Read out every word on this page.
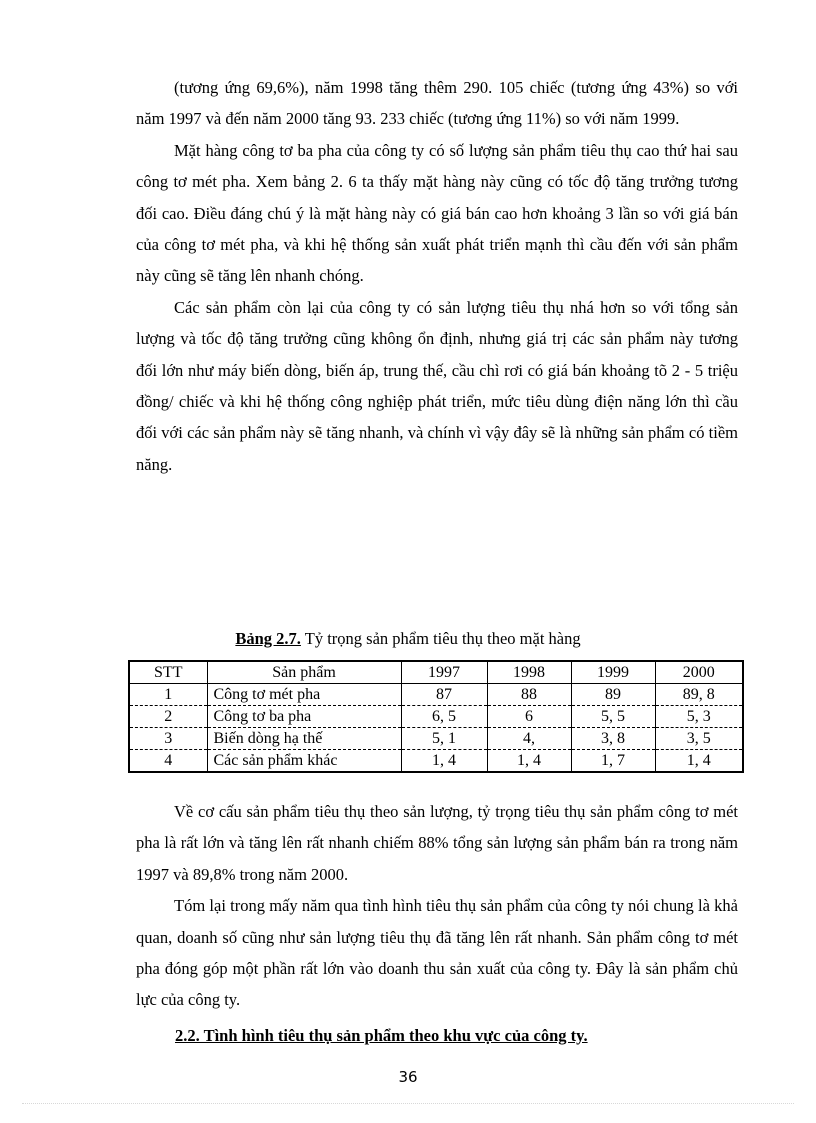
(tương ứng 69,6%), năm 1998 tăng thêm 290. 105 chiếc (tương ứng 43%) so với năm 1997 và đến năm 2000 tăng 93. 233 chiếc (tương ứng 11%) so với năm 1999.

Mặt hàng công tơ ba pha của công ty có số lượng sản phẩm tiêu thụ cao thứ hai sau công tơ mét pha. Xem bảng 2. 6 ta thấy mặt hàng này cũng có tốc độ tăng trưởng tương đối cao. Điều đáng chú ý là mặt hàng này có giá bán cao hơn khoảng 3 lần so với giá bán của công tơ mét pha, và khi hệ thống sản xuất phát triển mạnh thì cầu đến với sản phẩm này cũng sẽ tăng lên nhanh chóng.

Các sản phẩm còn lại của công ty có sản lượng tiêu thụ nhá hơn so với tổng sản lượng và tốc độ tăng trưởng cũng không ổn định, nhưng giá trị các sản phẩm này tương đối lớn như máy biến dòng, biến áp, trung thế, cầu chì rơi có giá bán khoảng tõ 2 - 5 triệu đồng/ chiếc và khi hệ thống công nghiệp phát triển, mức tiêu dùng điện năng lớn thì cầu đối với các sản phẩm này sẽ tăng nhanh, và chính vì vậy đây sẽ là những sản phẩm có tiềm năng.

Bảng 2.7. Tỷ trọng sản phẩm tiêu thụ theo mặt hàng
STT	Sản phẩm	1997	1998	1999	2000
1	Công tơ mét pha	87	88	89	89, 8
2	Công tơ ba pha	6, 5	6	5, 5	5, 3
3	Biến dòng hạ thế	5, 1	4,	3, 8	3, 5
4	Các sản phẩm khác	1, 4	1, 4	1, 7	1, 4

Về cơ cấu sản phẩm tiêu thụ theo sản lượng, tỷ trọng tiêu thụ sản phẩm công tơ mét pha là rất lớn và tăng lên rất nhanh chiếm 88% tổng sản lượng sản phẩm bán ra trong năm 1997 và 89,8% trong năm 2000.

Tóm lại trong mấy năm qua tình hình tiêu thụ sản phẩm của công ty nói chung là khả quan, doanh số cũng như sản lượng tiêu thụ đã tăng lên rất nhanh. Sản phẩm công tơ mét pha đóng góp một phần rất lớn vào doanh thu sản xuất của công ty. Đây là sản phẩm chủ lực của công ty.

2.2. Tình hình tiêu thụ sản phẩm theo khu vực của công ty.
36
